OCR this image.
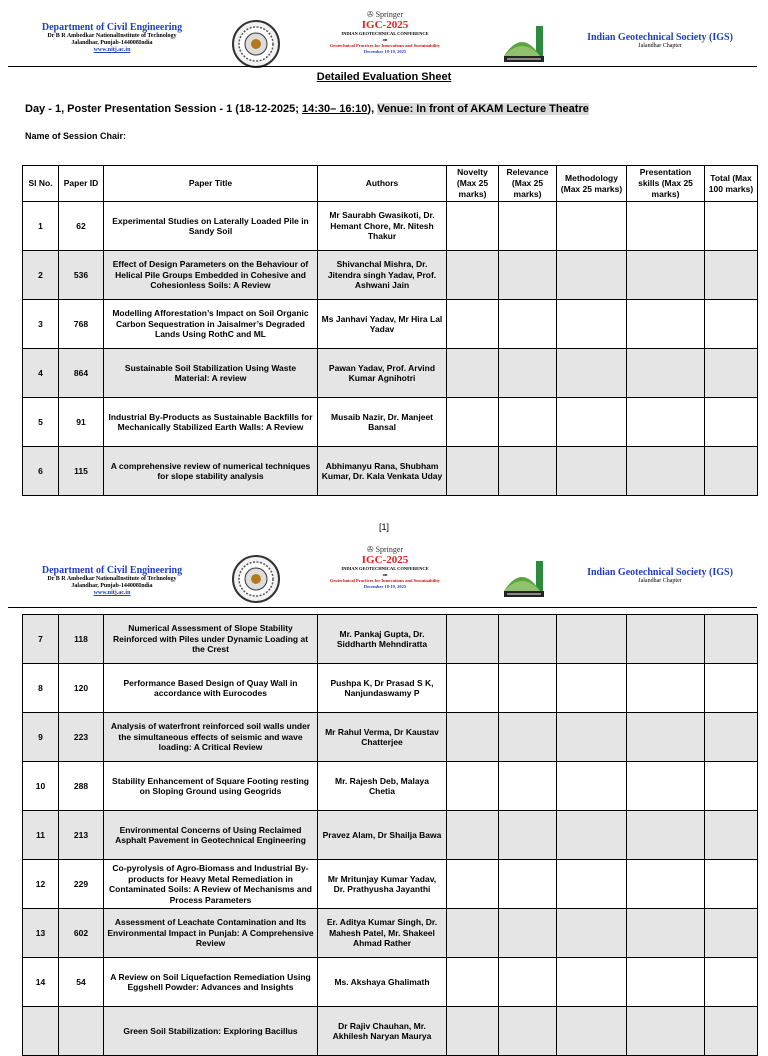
Department of Civil Engineering
Dr B R Ambedkar NationalInstitute of Technology
Jalandhar, Punjab-144008India
www.nitj.ac.in
✇ Springer
IGC-2025
INDIAN GEOTECHNICAL CONFERENCE
on
Geotechnical Practices for Innovations and Sustainability
December 18-19, 2025
Indian Geotechnical Society (IGS)
Jalandhar Chapter
Detailed Evaluation Sheet
Day - 1, Poster Presentation Session - 1 (18-12-2025; 14:30– 16:10), Venue: In front of AKAM Lecture Theatre
Name of Session Chair:
Sl No.	Paper ID	Paper Title	Authors	Novelty (Max 25 marks)	Relevance (Max 25 marks)	Methodology (Max 25 marks)	Presentation skills (Max 25 marks)	Total (Max 100 marks)
1	62	Experimental Studies on Laterally Loaded Pile in Sandy Soil	Mr Saurabh Gwasikoti, Dr. Hemant Chore, Mr. Nitesh Thakur					
2	536	Effect of Design Parameters on the Behaviour of Helical Pile Groups Embedded in Cohesive and Cohesionless Soils: A Review	Shivanchal Mishra, Dr. Jitendra singh Yadav, Prof. Ashwani Jain					
3	768	Modelling Afforestation’s Impact on Soil Organic Carbon Sequestration in Jaisalmer’s Degraded Lands Using RothC and ML	Ms Janhavi Yadav, Mr Hira Lal Yadav					
4	864	Sustainable Soil Stabilization Using Waste Material: A review	Pawan Yadav, Prof. Arvind Kumar Agnihotri					
5	91	Industrial By-Products as Sustainable Backfills for Mechanically Stabilized Earth Walls: A Review	Musaib Nazir, Dr. Manjeet Bansal					
6	115	A comprehensive review of numerical techniques for slope stability analysis	Abhimanyu Rana, Shubham Kumar, Dr. Kala Venkata Uday					
[1]
Department of Civil Engineering
Dr B R Ambedkar NationalInstitute of Technology
Jalandhar, Punjab-144008India
www.nitj.ac.in
✇ Springer
IGC-2025
INDIAN GEOTECHNICAL CONFERENCE
on
Geotechnical Practices for Innovations and Sustainability
December 18-19, 2025
Indian Geotechnical Society (IGS)
Jalandhar Chapter
7	118	Numerical Assessment of Slope Stability Reinforced with Piles under Dynamic Loading at the Crest	Mr. Pankaj Gupta, Dr. Siddharth Mehndiratta					
8	120	Performance Based Design of Quay Wall in accordance with Eurocodes	Pushpa K, Dr Prasad S K, Nanjundaswamy P					
9	223	Analysis of waterfront reinforced soil walls under the simultaneous effects of seismic and wave loading: A Critical Review	Mr Rahul Verma, Dr Kaustav Chatterjee					
10	288	Stability Enhancement of Square Footing resting on Sloping Ground using Geogrids	Mr. Rajesh Deb, Malaya Chetia					
11	213	Environmental Concerns of Using Reclaimed Asphalt Pavement in Geotechnical Engineering	Pravez Alam, Dr Shailja Bawa					
12	229	Co-pyrolysis of Agro-Biomass and Industrial By-products for Heavy Metal Remediation in Contaminated Soils: A Review of Mechanisms and Process Parameters	Mr Mritunjay Kumar Yadav, Dr. Prathyusha Jayanthi					
13	602	Assessment of Leachate Contamination and Its Environmental Impact in Punjab: A Comprehensive Review	Er. Aditya Kumar Singh, Dr. Mahesh Patel, Mr. Shakeel Ahmad Rather					
14	54	A Review on Soil Liquefaction Remediation Using Eggshell Powder: Advances and Insights	Ms. Akshaya Ghalimath					
		Green Soil Stabilization: Exploring Bacillus	Dr Rajiv Chauhan, Mr. Akhilesh Naryan Maurya					
